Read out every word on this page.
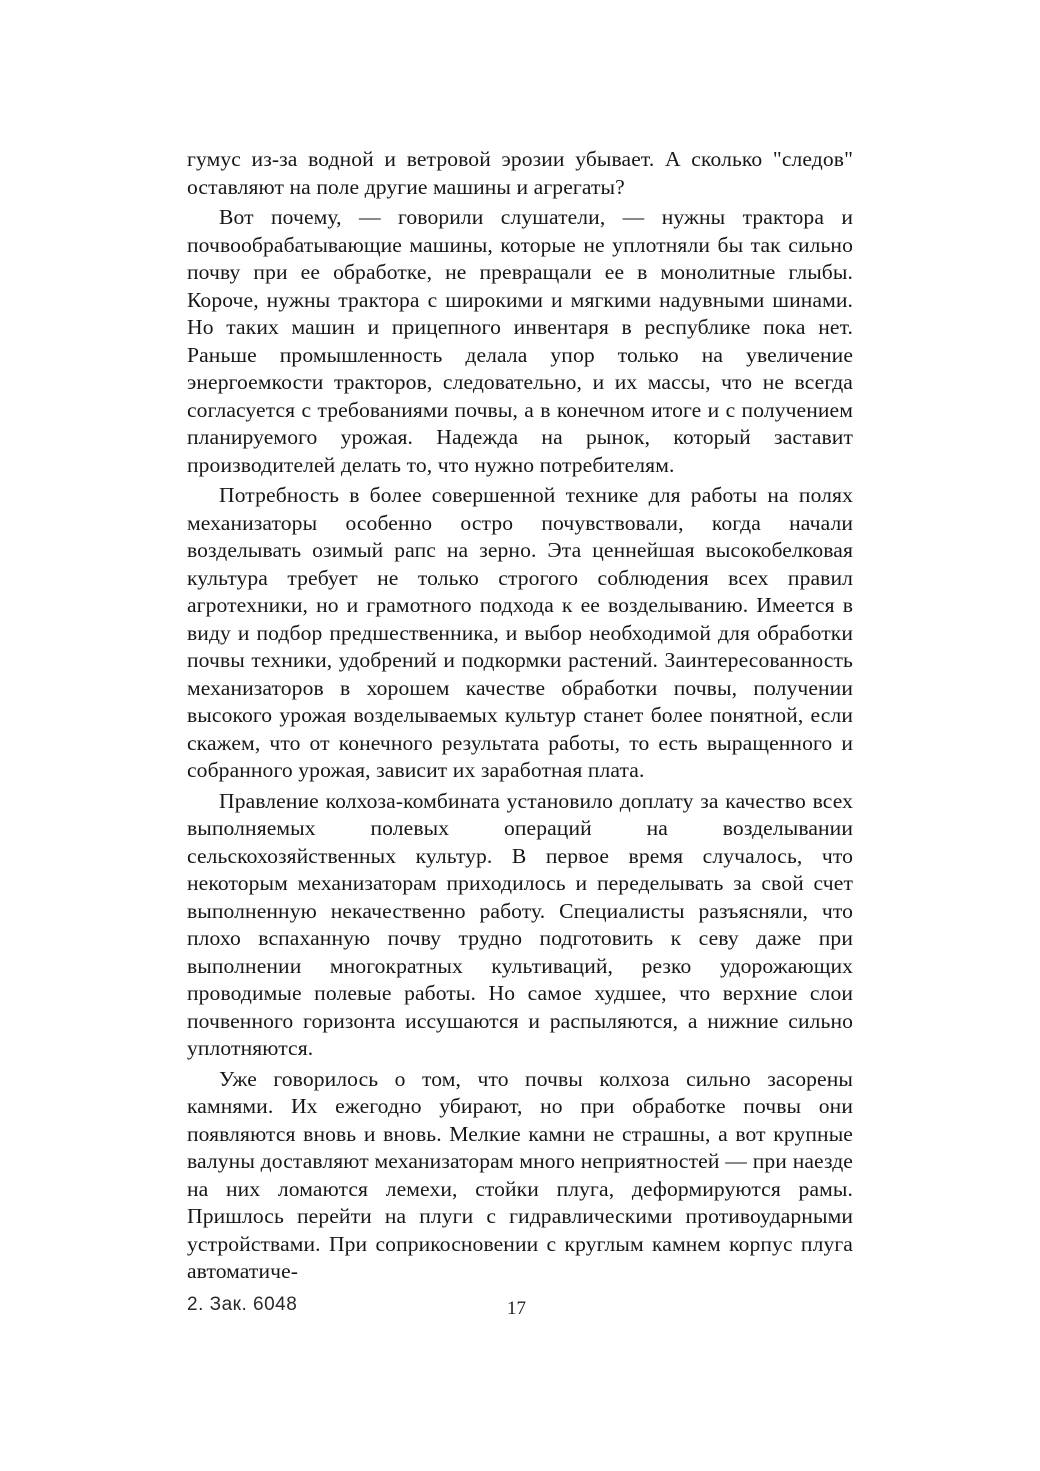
гумус из-за водной и ветровой эрозии убывает. А сколько "следов" оставляют на поле другие машины и агрегаты?

Вот почему, — говорили слушатели, — нужны трактора и почвообрабатывающие машины, которые не уплотняли бы так сильно почву при ее обработке, не превращали ее в монолитные глыбы. Короче, нужны трактора с широкими и мягкими надувными шинами. Но таких машин и прицепного инвентаря в республике пока нет. Раньше промышленность делала упор только на увеличение энергоемкости тракторов, следовательно, и их массы, что не всегда согласуется с требованиями почвы, а в конечном итоге и с получением планируемого урожая. Надежда на рынок, который заставит производителей делать то, что нужно потребителям.

Потребность в более совершенной технике для работы на полях механизаторы особенно остро почувствовали, когда начали возделывать озимый рапс на зерно. Эта ценнейшая высокобелковая культура требует не только строгого соблюдения всех правил агротехники, но и грамотного подхода к ее возделыванию. Имеется в виду и подбор предшественника, и выбор необходимой для обработки почвы техники, удобрений и подкормки растений. Заинтересованность механизаторов в хорошем качестве обработки почвы, получении высокого урожая возделываемых культур станет более понятной, если скажем, что от конечного результата работы, то есть выращенного и собранного урожая, зависит их заработная плата.

Правление колхоза-комбината установило доплату за качество всех выполняемых полевых операций на возделывании сельскохозяйственных культур. В первое время случалось, что некоторым механизаторам приходилось и переделывать за свой счет выполненную некачественно работу. Специалисты разъясняли, что плохо вспаханную почву трудно подготовить к севу даже при выполнении многократных культиваций, резко удорожающих проводимые полевые работы. Но самое худшее, что верхние слои почвенного горизонта иссушаются и распыляются, а нижние сильно уплотняются.

Уже говорилось о том, что почвы колхоза сильно засорены камнями. Их ежегодно убирают, но при обработке почвы они появляются вновь и вновь. Мелкие камни не страшны, а вот крупные валуны доставляют механизаторам много неприятностей — при наезде на них ломаются лемехи, стойки плуга, деформируются рамы. Пришлось перейти на плуги с гидравлическими противоударными устройствами. При соприкосновении с круглым камнем корпус плуга автоматиче-

2. Зак. 6048	17
